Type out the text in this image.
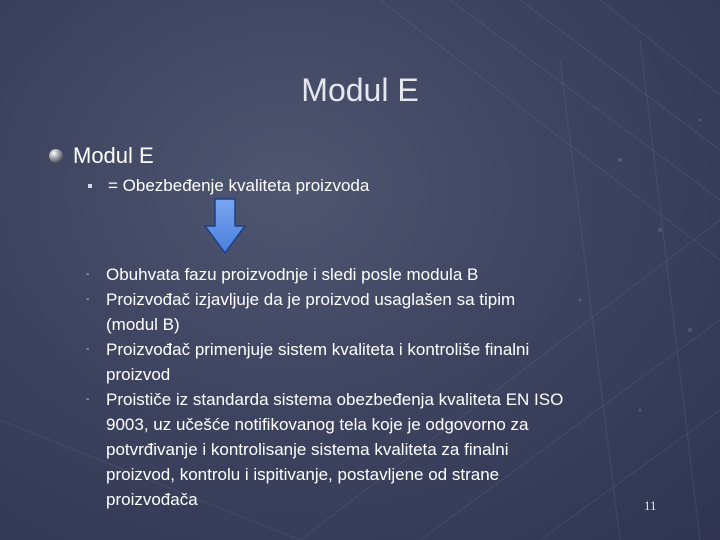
Modul E
Modul E
= Obezbeđenje kvaliteta proizvoda
- Obuhvata fazu proizvodnje i sledi posle modula B
- Proizvođač izjavljuje da je proizvod usaglašen sa tipim
(modul B)
- Proizvođač primenjuje sistem kvaliteta i kontroliše finalni
proizvod
- Proističe iz standarda sistema obezbeđenja kvaliteta EN ISO
9003, uz učešće notifikovanog tela koje je odgovorno za
potvrđivanje i kontrolisanje sistema kvaliteta za finalni
proizvod, kontrolu i ispitivanje, postavljene od strane
proizvođača	11
